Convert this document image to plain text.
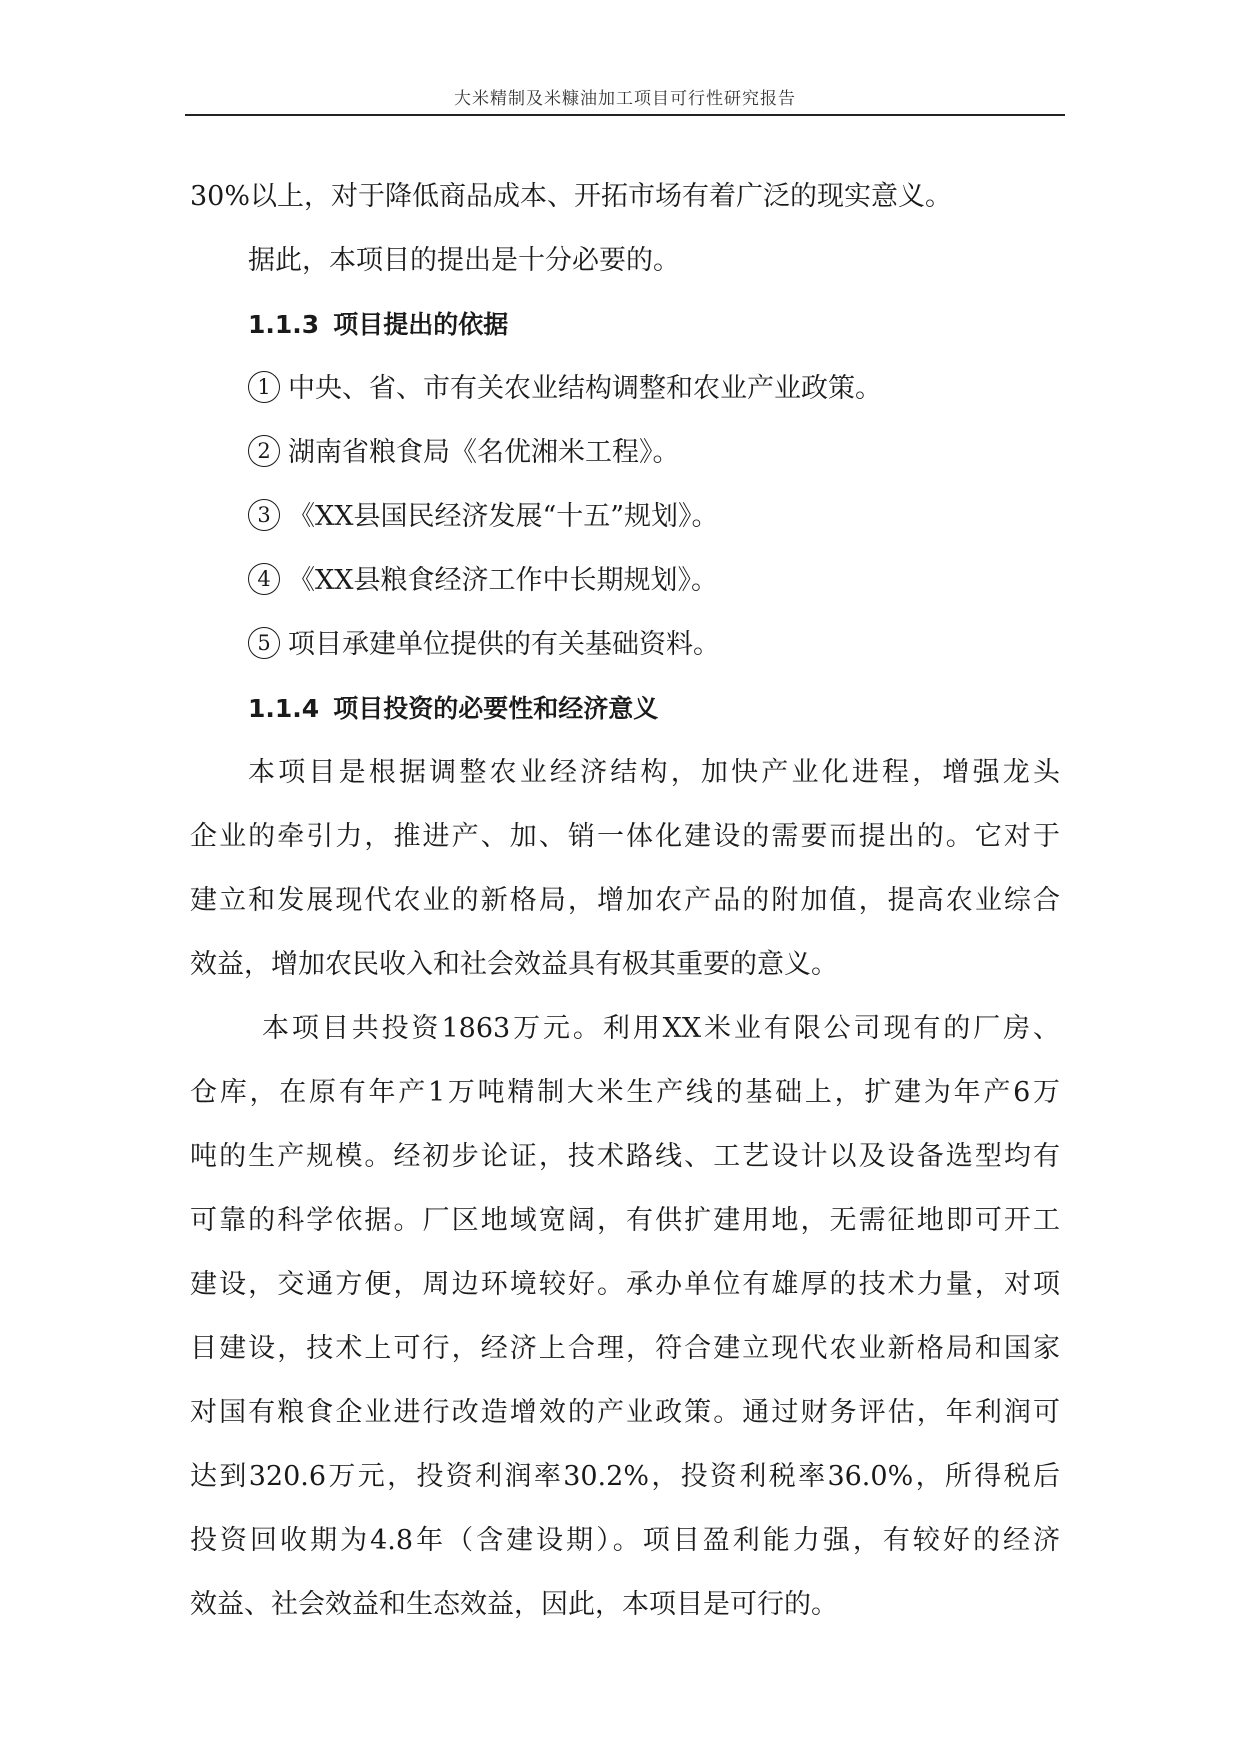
大米精制及米糠油加工项目可行性研究报告
30%以上，对于降低商品成本、开拓市场有着广泛的现实意义。
据此，本项目的提出是十分必要的。
1.1.3 项目提出的依据
1 中央、省、市有关农业结构调整和农业产业政策。
2 湖南省粮食局《名优湘米工程》。
3 《XX县国民经济发展“十五”规划》。
4 《XX县粮食经济工作中长期规划》。
5 项目承建单位提供的有关基础资料。
1.1.4 项目投资的必要性和经济意义
本项目是根据调整农业经济结构，加快产业化进程，增强龙头
企业的牵引力，推进产、加、销一体化建设的需要而提出的。它对于
建立和发展现代农业的新格局，增加农产品的附加值，提高农业综合
效益，增加农民收入和社会效益具有极其重要的意义。
本项目共投资1863万元。利用XX米业有限公司现有的厂房、
仓库，在原有年产1万吨精制大米生产线的基础上，扩建为年产6万
吨的生产规模。经初步论证，技术路线、工艺设计以及设备选型均有
可靠的科学依据。厂区地域宽阔，有供扩建用地，无需征地即可开工
建设，交通方便，周边环境较好。承办单位有雄厚的技术力量，对项
目建设，技术上可行，经济上合理，符合建立现代农业新格局和国家
对国有粮食企业进行改造增效的产业政策。通过财务评估，年利润可
达到320.6万元，投资利润率30.2%，投资利税率36.0%，所得税后
投资回收期为4.8年（含建设期）。项目盈利能力强，有较好的经济
效益、社会效益和生态效益，因此，本项目是可行的。
